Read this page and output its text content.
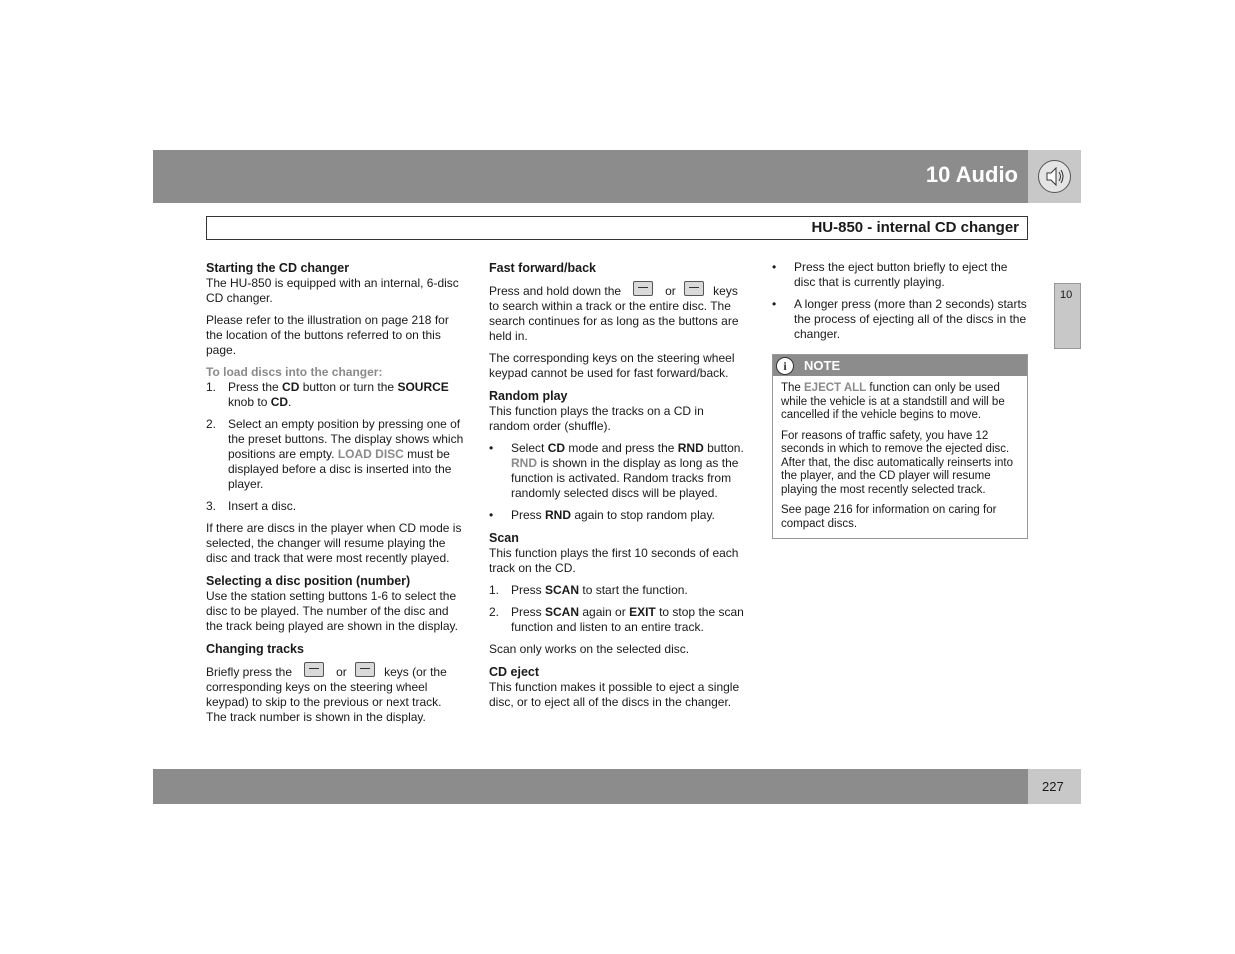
10 Audio
HU-850 - internal CD changer
10
Starting the CD changer

The HU-850 is equipped with an internal, 6-disc CD changer.

Please refer to the illustration on page 218 for the location of the buttons referred to on this page.

To load discs into the changer:

1. Press the CD button or turn the SOURCE knob to CD.
2. Select an empty position by pressing one of the preset buttons. The display shows which positions are empty. LOAD DISC must be displayed before a disc is inserted into the player.
3. Insert a disc.

If there are discs in the player when CD mode is selected, the changer will resume playing the disc and track that were most recently played.

Selecting a disc position (number)

Use the station setting buttons 1-6 to select the disc to be played. The number of the disc and the track being played are shown in the display.

Changing tracks

Briefly press the	or	keys (or the corresponding keys on the steering wheel keypad) to skip to the previous or next track. The track number is shown in the display.

Fast forward/back

Press and hold down the	or	keys to search within a track or the entire disc. The search continues for as long as the buttons are held in.

The corresponding keys on the steering wheel keypad cannot be used for fast forward/back.

Random play

This function plays the tracks on a CD in random order (shuffle).

• Select CD mode and press the RND button. RND is shown in the display as long as the function is activated. Random tracks from randomly selected discs will be played.
• Press RND again to stop random play.
Scan

This function plays the first 10 seconds of each track on the CD.

1. Press SCAN to start the function.
2. Press SCAN again or EXIT to stop the scan function and listen to an entire track.

Scan only works on the selected disc.

CD eject

This function makes it possible to eject a single disc, or to eject all of the discs in the changer.

• Press the eject button briefly to eject the disc that is currently playing.
• A longer press (more than 2 seconds) starts the process of ejecting all of the discs in the changer.
i	NOTE

The EJECT ALL function can only be used while the vehicle is at a standstill and will be cancelled if the vehicle begins to move.

For reasons of traffic safety, you have 12 seconds in which to remove the ejected disc. After that, the disc automatically reinserts into the player, and the CD player will resume playing the most recently selected track.

See page 216 for information on caring for compact discs.

227
